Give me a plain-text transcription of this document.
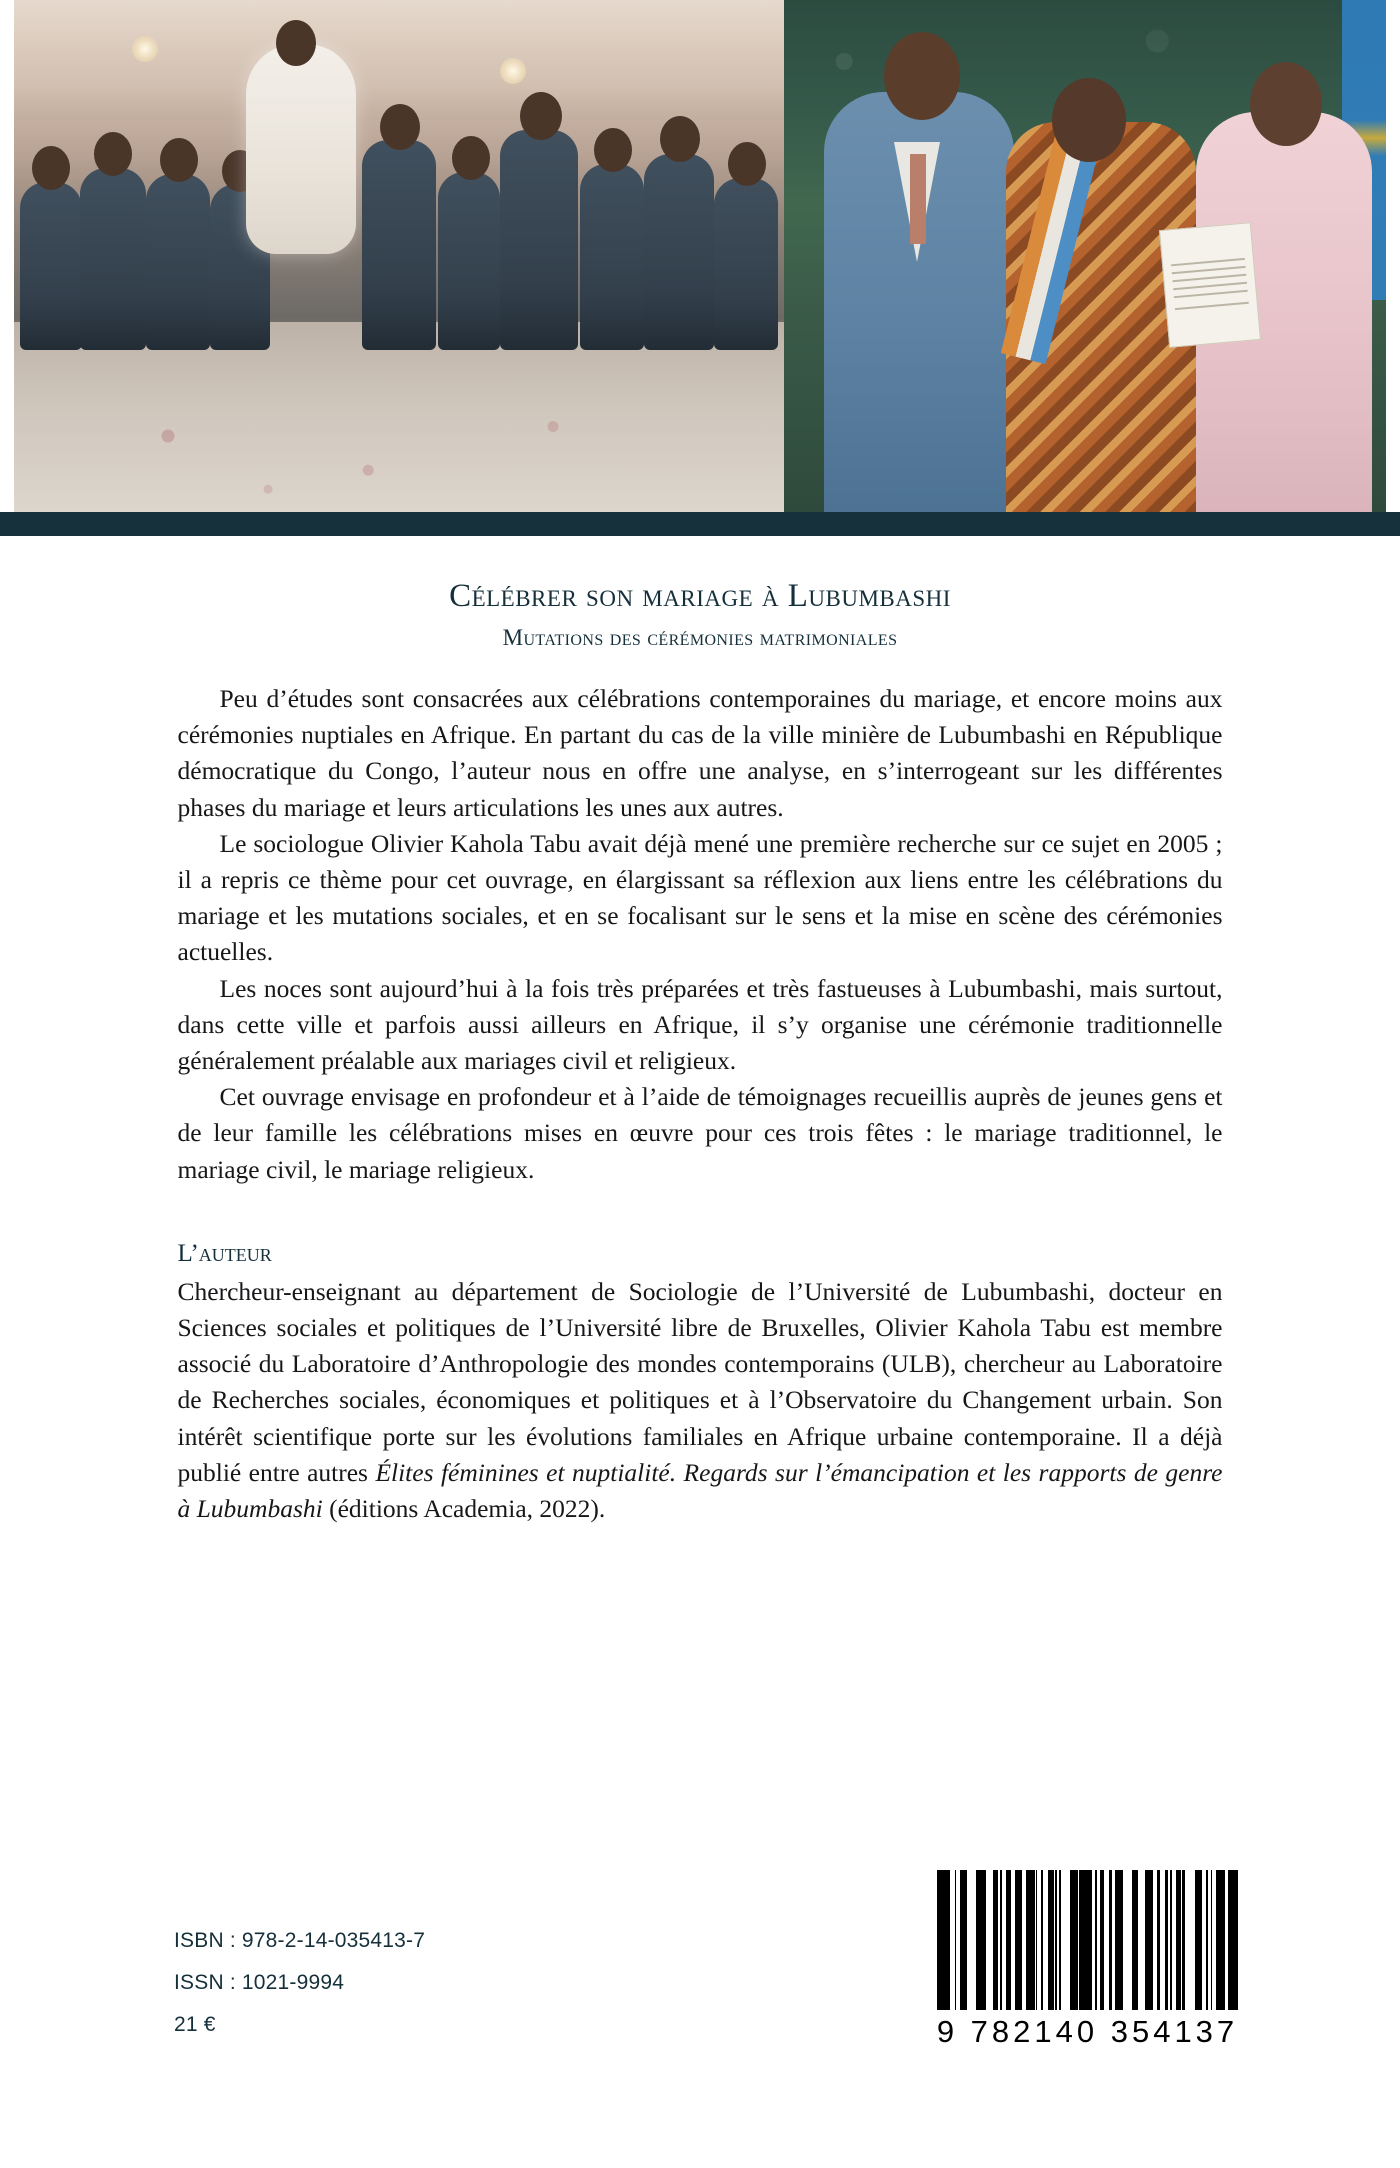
Célébrer son mariage à Lubumbashi
Mutations des cérémonies matrimoniales

Peu d’études sont consacrées aux célébrations contemporaines du mariage, et encore moins aux cérémonies nuptiales en Afrique. En partant du cas de la ville minière de Lubumbashi en République démocratique du Congo, l’auteur nous en offre une analyse, en s’interrogeant sur les différentes phases du mariage et leurs articulations les unes aux autres.

Le sociologue Olivier Kahola Tabu avait déjà mené une première recherche sur ce sujet en 2005 ; il a repris ce thème pour cet ouvrage, en élargissant sa réflexion aux liens entre les célébrations du mariage et les mutations sociales, et en se focalisant sur le sens et la mise en scène des cérémonies actuelles.

Les noces sont aujourd’hui à la fois très préparées et très fastueuses à Lubumbashi, mais surtout, dans cette ville et parfois aussi ailleurs en Afrique, il s’y organise une cérémonie traditionnelle généralement préalable aux mariages civil et religieux.

Cet ouvrage envisage en profondeur et à l’aide de témoignages recueillis auprès de jeunes gens et de leur famille les célébrations mises en œuvre pour ces trois fêtes : le mariage traditionnel, le mariage civil, le mariage religieux.

L’auteur

Chercheur-enseignant au département de Sociologie de l’Université de Lubumbashi, docteur en Sciences sociales et politiques de l’Université libre de Bruxelles, Olivier Kahola Tabu est membre associé du Laboratoire d’Anthropologie des mondes contemporains (ULB), chercheur au Laboratoire de Recherches sociales, économiques et politiques et à l’Observatoire du Changement urbain. Son intérêt scientifique porte sur les évolutions familiales en Afrique urbaine contemporaine. Il a déjà publié entre autres Élites féminines et nuptialité. Regards sur l’émancipation et les rapports de genre à Lubumbashi (éditions Academia, 2022).

ISBN : 978-2-14-035413-7
ISSN : 1021-9994
21 €	9 782140 354137
